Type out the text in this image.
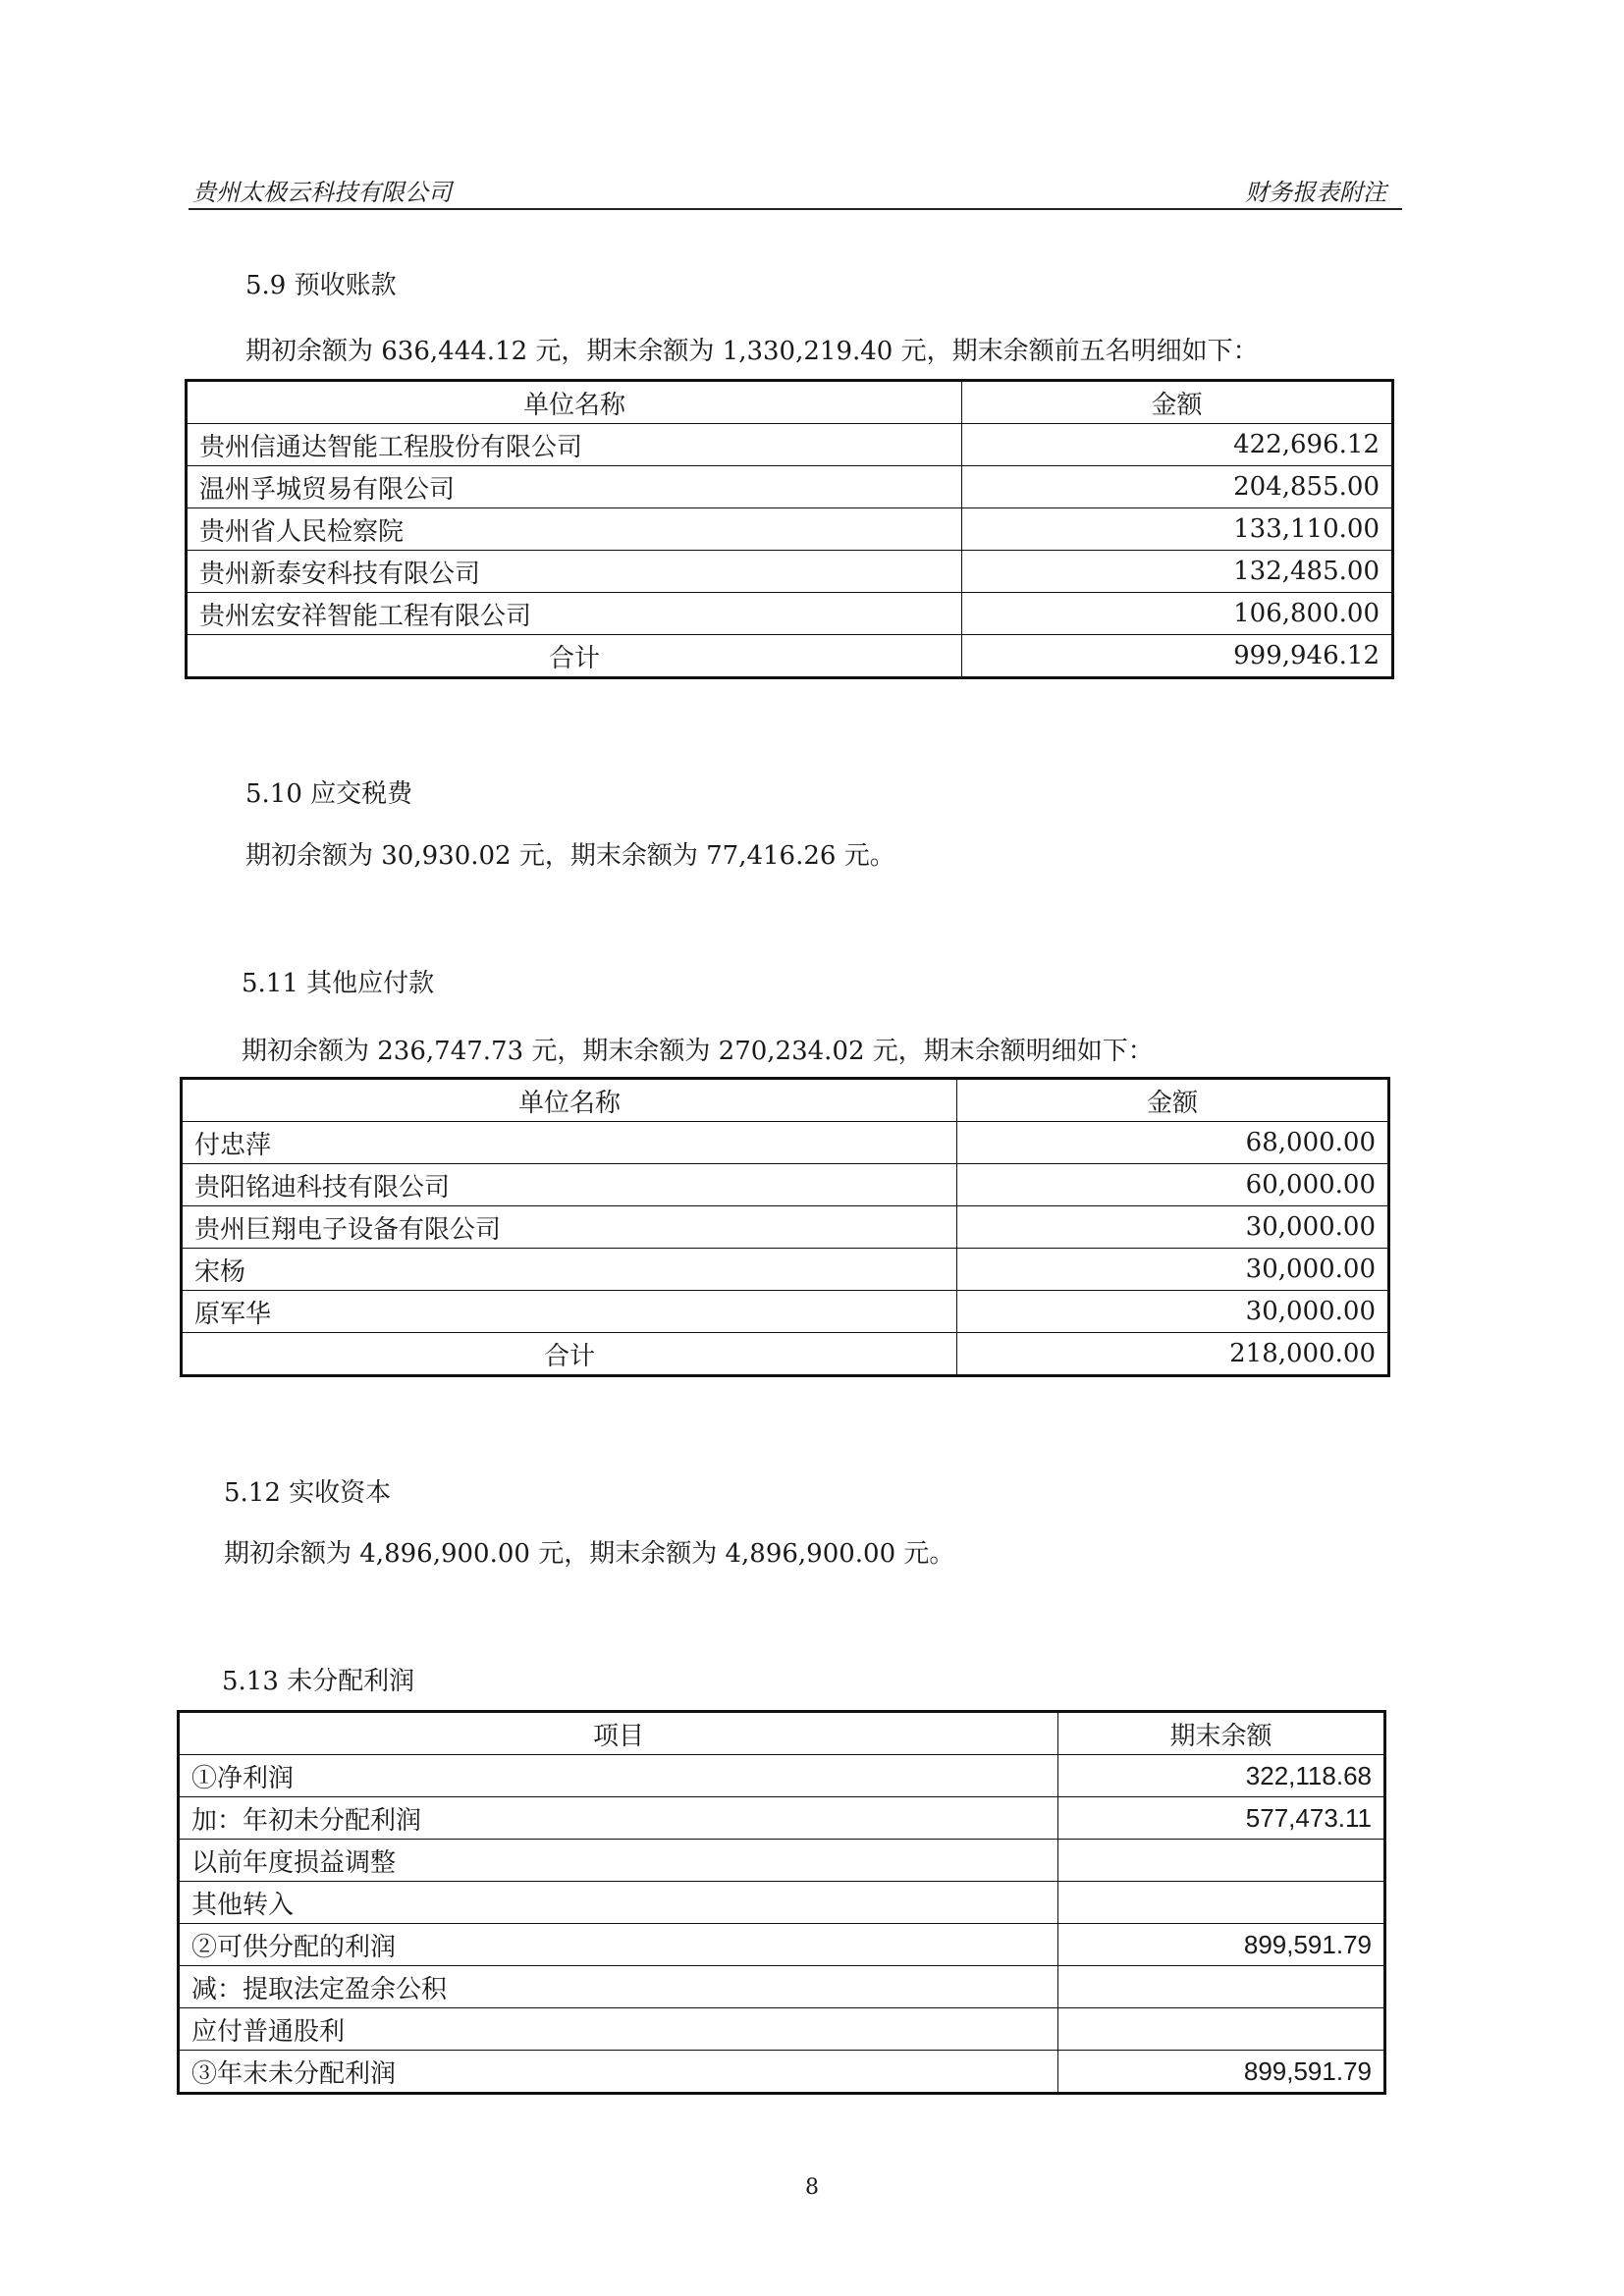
贵州太极云科技有限公司	财务报表附注
5.9 预收账款
期初余额为 636,444.12 元，期末余额为 1,330,219.40 元，期末余额前五名明细如下：
单位名称	金额
贵州信通达智能工程股份有限公司	422,696.12
温州孚城贸易有限公司	204,855.00
贵州省人民检察院	133,110.00
贵州新泰安科技有限公司	132,485.00
贵州宏安祥智能工程有限公司	106,800.00
合计	999,946.12
5.10 应交税费
期初余额为 30,930.02 元，期末余额为 77,416.26 元。
5.11 其他应付款
期初余额为 236,747.73 元，期末余额为 270,234.02 元，期末余额明细如下：
单位名称	金额
付忠萍	68,000.00
贵阳铭迪科技有限公司	60,000.00
贵州巨翔电子设备有限公司	30,000.00
宋杨	30,000.00
原军华	30,000.00
合计	218,000.00
5.12 实收资本
期初余额为 4,896,900.00 元，期末余额为 4,896,900.00 元。
5.13 未分配利润
项目	期末余额
①净利润	322,118.68
加：年初未分配利润	577,473.11
以前年度损益调整	
其他转入	
②可供分配的利润	899,591.79
减：提取法定盈余公积	
应付普通股利	
③年末未分配利润	899,591.79
8
